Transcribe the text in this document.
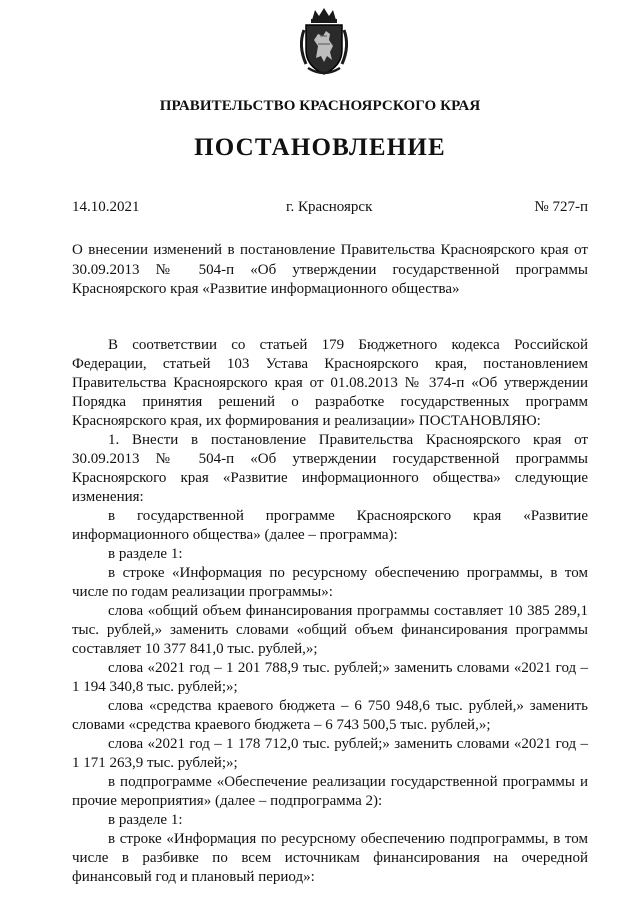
ПРАВИТЕЛЬСТВО КРАСНОЯРСКОГО КРАЯ
ПОСТАНОВЛЕНИЕ
14.10.2021	г. Красноярск	№ 727-п
О внесении изменений в постановление Правительства Красноярского края от 30.09.2013 № 504-п «Об утверждении государственной программы Красноярского края «Развитие информационного общества»

В соответствии со статьей 179 Бюджетного кодекса Российской Федерации, статьей 103 Устава Красноярского края, постановлением Правительства Красноярского края от 01.08.2013 № 374-п «Об утверждении Порядка принятия решений о разработке государственных программ Красноярского края, их формирования и реализации» ПОСТАНОВЛЯЮ:

1. Внести в постановление Правительства Красноярского края от 30.09.2013 № 504-п «Об утверждении государственной программы Красноярского края «Развитие информационного общества» следующие изменения:

в государственной программе Красноярского края «Развитие информационного общества» (далее – программа):

в разделе 1:

в строке «Информация по ресурсному обеспечению программы, в том числе по годам реализации программы»:

слова «общий объем финансирования программы составляет 10 385 289,1 тыс. рублей,» заменить словами «общий объем финансирования программы составляет 10 377 841,0 тыс. рублей,»;

слова «2021 год – 1 201 788,9 тыс. рублей;» заменить словами «2021 год – 1 194 340,8 тыс. рублей;»;

слова «средства краевого бюджета – 6 750 948,6 тыс. рублей,» заменить словами «средства краевого бюджета – 6 743 500,5 тыс. рублей,»;

слова «2021 год – 1 178 712,0 тыс. рублей;» заменить словами «2021 год – 1 171 263,9 тыс. рублей;»;

в подпрограмме «Обеспечение реализации государственной программы и прочие мероприятия» (далее – подпрограмма 2):

в разделе 1:

в строке «Информация по ресурсному обеспечению подпрограммы, в том числе в разбивке по всем источникам финансирования на очередной финансовый год и плановый период»:
